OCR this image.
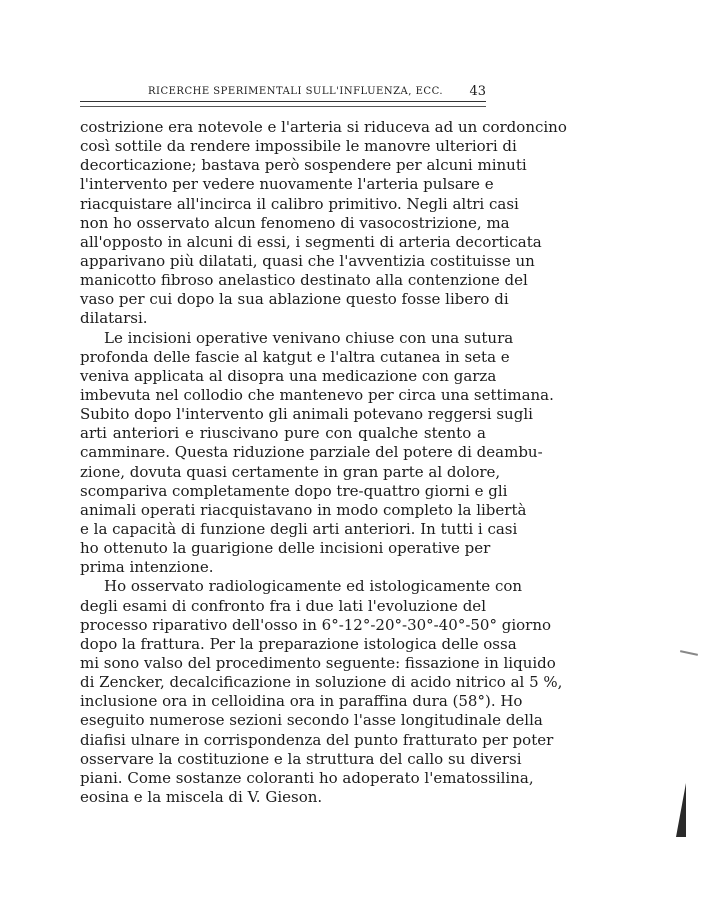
RICERCHE SPERIMENTALI SULL'INFLUENZA, ECC. 43
costrizione era notevole e l'arteria si riduceva ad un cordoncino
così sottile da rendere impossibile le manovre ulteriori di
decorticazione; bastava però sospendere per alcuni minuti
l'intervento per vedere nuovamente l'arteria pulsare e
riacquistare all'incirca il calibro primitivo. Negli altri casi
non ho osservato alcun fenomeno di vasocostrizione, ma
all'opposto in alcuni di essi, i segmenti di arteria decorticata
apparivano più dilatati, quasi che l'avventizia costituisse un
manicotto fibroso anelastico destinato alla contenzione del
vaso per cui dopo la sua ablazione questo fosse libero di
dilatarsi.
Le incisioni operative venivano chiuse con una sutura
profonda delle fascie al katgut e l'altra cutanea in seta e
veniva applicata al disopra una medicazione con garza
imbevuta nel collodio che mantenevo per circa una settimana.
Subito dopo l'intervento gli animali potevano reggersi sugli
arti anteriori e riuscivano pure con qualche stento a
camminare. Questa riduzione parziale del potere di deambu-
zione, dovuta quasi certamente in gran parte al dolore,
scompariva completamente dopo tre-quattro giorni e gli
animali operati riacquistavano in modo completo la libertà
e la capacità di funzione degli arti anteriori. In tutti i casi
ho ottenuto la guarigione delle incisioni operative per
prima intenzione.
Ho osservato radiologicamente ed istologicamente con
degli esami di confronto fra i due lati l'evoluzione del
processo riparativo dell'osso in 6°-12°-20°-30°-40°-50° giorno
dopo la frattura. Per la preparazione istologica delle ossa
mi sono valso del procedimento seguente: fissazione in liquido
di Zencker, decalcificazione in soluzione di acido nitrico al 5 %,
inclusione ora in celloidina ora in paraffina dura (58°). Ho
eseguito numerose sezioni secondo l'asse longitudinale della
diafisi ulnare in corrispondenza del punto fratturato per poter
osservare la costituzione e la struttura del callo su diversi
piani. Come sostanze coloranti ho adoperato l'ematossilina,
eosina e la miscela di V. Gieson.
